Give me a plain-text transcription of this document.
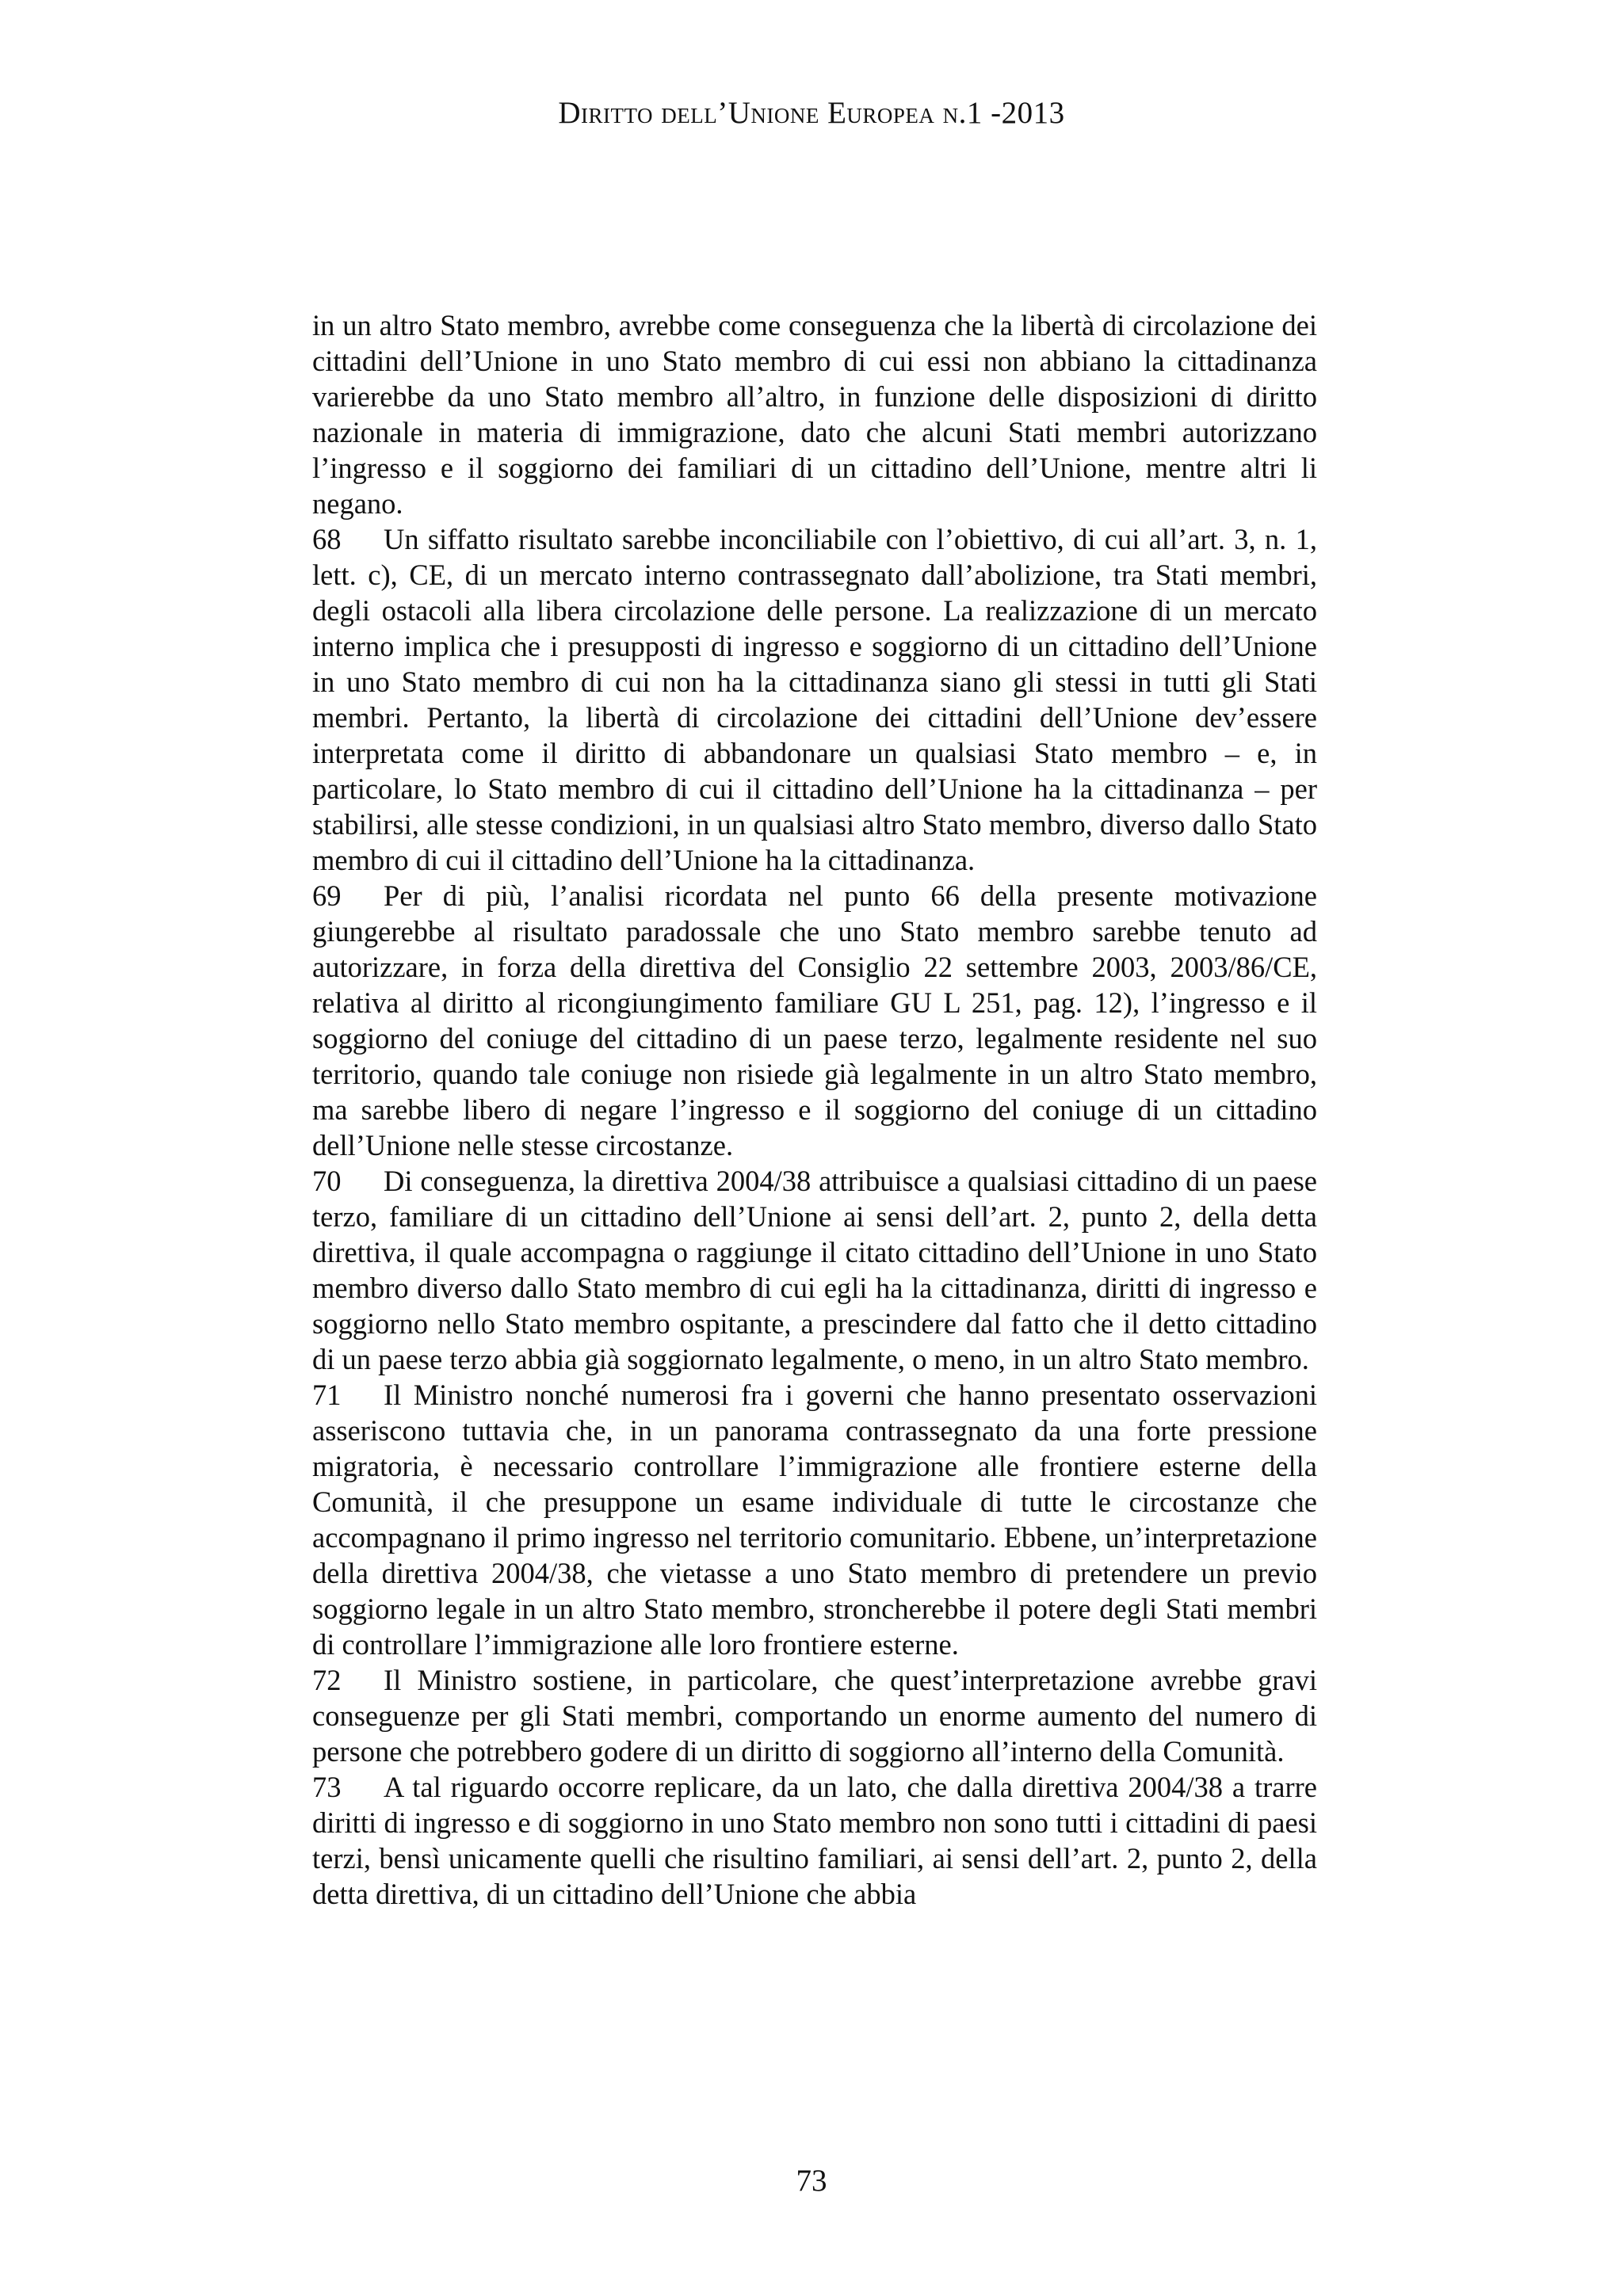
Diritto dell’Unione Europea n.1 -2013

in un altro Stato membro, avrebbe come conseguenza che la libertà di circolazione dei cittadini dell’Unione in uno Stato membro di cui essi non abbiano la cittadinanza varierebbe da uno Stato membro all’altro, in funzione delle disposizioni di diritto nazionale in materia di immigrazione, dato che alcuni Stati membri autorizzano l’ingresso e il soggiorno dei familiari di un cittadino dell’Unione, mentre altri li negano.

68 Un siffatto risultato sarebbe inconciliabile con l’obiettivo, di cui all’art. 3, n. 1, lett. c), CE, di un mercato interno contrassegnato dall’abolizione, tra Stati membri, degli ostacoli alla libera circolazione delle persone. La realizzazione di un mercato interno implica che i presupposti di ingresso e soggiorno di un cittadino dell’Unione in uno Stato membro di cui non ha la cittadinanza siano gli stessi in tutti gli Stati membri. Pertanto, la libertà di circolazione dei cittadini dell’Unione dev’essere interpretata come il diritto di abbandonare un qualsiasi Stato membro – e, in particolare, lo Stato membro di cui il cittadino dell’Unione ha la cittadinanza – per stabilirsi, alle stesse condizioni, in un qualsiasi altro Stato membro, diverso dallo Stato membro di cui il cittadino dell’Unione ha la cittadinanza.

69 Per di più, l’analisi ricordata nel punto 66 della presente motivazione giungerebbe al risultato paradossale che uno Stato membro sarebbe tenuto ad autorizzare, in forza della direttiva del Consiglio 22 settembre 2003, 2003/86/CE, relativa al diritto al ricongiungimento familiare GU L 251, pag. 12), l’ingresso e il soggiorno del coniuge del cittadino di un paese terzo, legalmente residente nel suo territorio, quando tale coniuge non risiede già legalmente in un altro Stato membro, ma sarebbe libero di negare l’ingresso e il soggiorno del coniuge di un cittadino dell’Unione nelle stesse circostanze.

70 Di conseguenza, la direttiva 2004/38 attribuisce a qualsiasi cittadino di un paese terzo, familiare di un cittadino dell’Unione ai sensi dell’art. 2, punto 2, della detta direttiva, il quale accompagna o raggiunge il citato cittadino dell’Unione in uno Stato membro diverso dallo Stato membro di cui egli ha la cittadinanza, diritti di ingresso e soggiorno nello Stato membro ospitante, a prescindere dal fatto che il detto cittadino di un paese terzo abbia già soggiornato legalmente, o meno, in un altro Stato membro.

71 Il Ministro nonché numerosi fra i governi che hanno presentato osservazioni asseriscono tuttavia che, in un panorama contrassegnato da una forte pressione migratoria, è necessario controllare l’immigrazione alle frontiere esterne della Comunità, il che presuppone un esame individuale di tutte le circostanze che accompagnano il primo ingresso nel territorio comunitario. Ebbene, un’interpretazione della direttiva 2004/38, che vietasse a uno Stato membro di pretendere un previo soggiorno legale in un altro Stato membro, stroncherebbe il potere degli Stati membri di controllare l’immigrazione alle loro frontiere esterne.

72 Il Ministro sostiene, in particolare, che quest’interpretazione avrebbe gravi conseguenze per gli Stati membri, comportando un enorme aumento del numero di persone che potrebbero godere di un diritto di soggiorno all’interno della Comunità.

73 A tal riguardo occorre replicare, da un lato, che dalla direttiva 2004/38 a trarre diritti di ingresso e di soggiorno in uno Stato membro non sono tutti i cittadini di paesi terzi, bensì unicamente quelli che risultino familiari, ai sensi dell’art. 2, punto 2, della detta direttiva, di un cittadino dell’Unione che abbia

73
